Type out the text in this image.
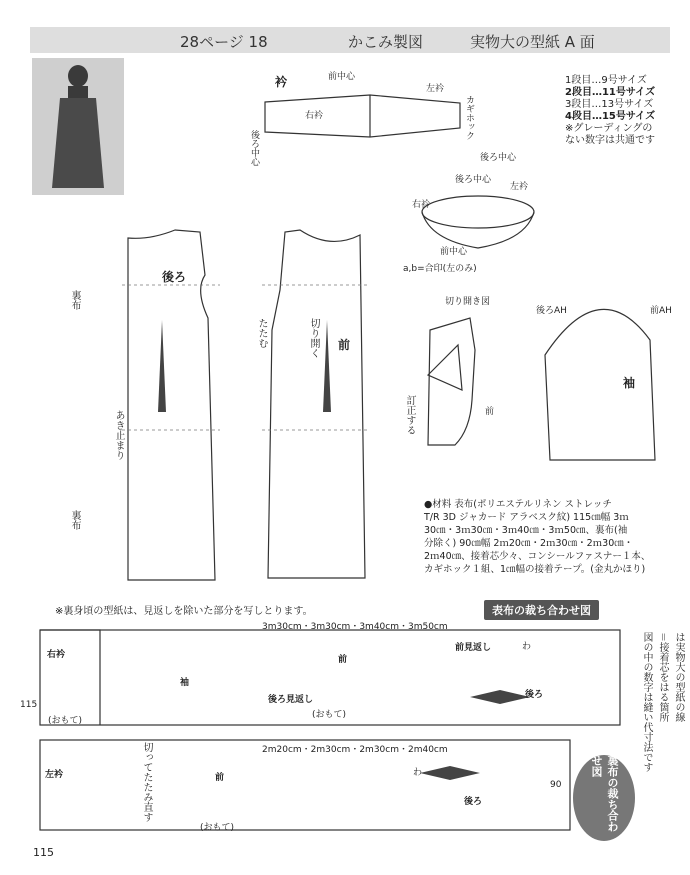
28ページ 18	かこみ製図	実物大の型紙 A 面
1段目…9号サイズ
2段目…11号サイズ
3段目…13号サイズ
4段目…15号サイズ
※グレーディングの
ない数字は共通です
衿
右衿
左衿
前中心
カギホック
後ろ中心	後ろ中心
後ろ中心
右衿
左衿
前中心
a,b=合印(左のみ)
後ろ
あき止まり
裏布
裏布
前
切り開く
たたむ
切り開き図
訂正する	前
後ろAH	前AH
袖
●材料 表布(ポリエステルリネン ストレッチ
T/R 3D ジャカード アラベスク紋) 115㎝幅 3ｍ
30㎝・3ｍ30㎝・3ｍ40㎝・3ｍ50㎝、裏布(袖
分除く) 90㎝幅 2ｍ20㎝・2ｍ30㎝・2ｍ30㎝・
2ｍ40㎝、接着芯少々、コンシールファスナー１本、
カギホック１組、1㎝幅の接着テープ。(金丸かほり)
※裏身頃の型紙は、見返しを除いた部分を写しとります。	表布の裁ち合わせ図
3m30cm・3m30cm・3m40cm・3m50cm
2m20cm・2m30cm・2m30cm・2m40cm
115
90
右衿
左衿
袖
後ろ見返し
前見返し
前
後ろ
前
後ろ
(おもて)
(おもて)
(おもて)
切ってたたみ直す
わ
わ	裏布の裁ち合わせ図
は実物大の型紙の線
＝接着芯をはる箇所
図の中の数字は縫い代寸法です
115
